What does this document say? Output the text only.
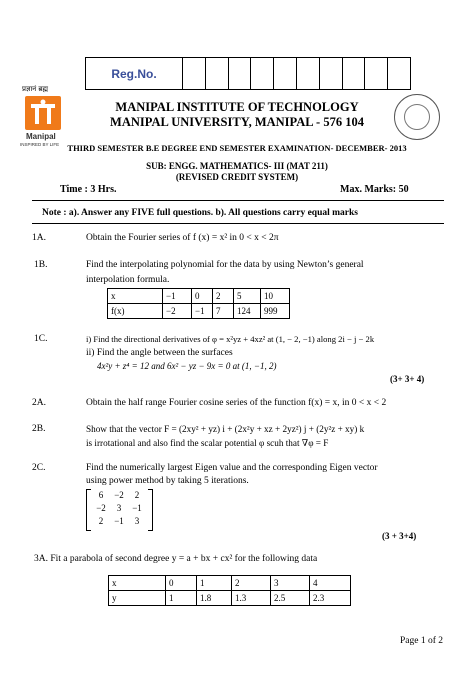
Reg.No.
प्रज्ञानं ब्रह्म
Manipal
INSPIRED BY LIFE
MANIPAL INSTITUTE OF TECHNOLOGY
MANIPAL UNIVERSITY, MANIPAL - 576 104
THIRD SEMESTER B.E DEGREE END SEMESTER EXAMINATION- DECEMBER- 2013
SUB: ENGG. MATHEMATICS- III (MAT 211)
(REVISED CREDIT SYSTEM)
Time : 3 Hrs.	Max. Marks: 50
Note : a). Answer any FIVE full questions. b). All questions carry equal marks
1A.	Obtain the Fourier series of f (x) = x² in 0 < x < 2π
1B.	Find the interpolating polynomial for the data by using Newton’s general
interpolation formula.
x	−1	0	2	5	10
f(x)	−2	−1	7	124	999
1C.	i) Find the directional derivatives of φ = x²yz + 4xz² at (1, − 2, −1) along 2i − j − 2k
ii) Find the angle between the surfaces
4x²y + z⁴ = 12 and 6x² − yz − 9x = 0 at (1, −1, 2)
(3+ 3+ 4)
2A.	Obtain the half range Fourier cosine series of the function f(x) = x, in 0 < x < 2
2B.	Show that the vector F = (2xy² + yz) i + (2x²y + xz + 2yz²) j + (2y²z + xy) k
is irrotational and also find the scalar potential φ scuh that ∇φ = F
2C.	Find the numerically largest Eigen value and the corresponding Eigen vector
using power method by taking 5 iterations.
6	−2	2
−2	3	−1
2	−1	3
(3 + 3+4)
3A. Fit a parabola of second degree y = a + bx + cx² for the following data
x	0	1	2	3	4
y	1	1.8	1.3	2.5	2.3
Page 1 of 2
